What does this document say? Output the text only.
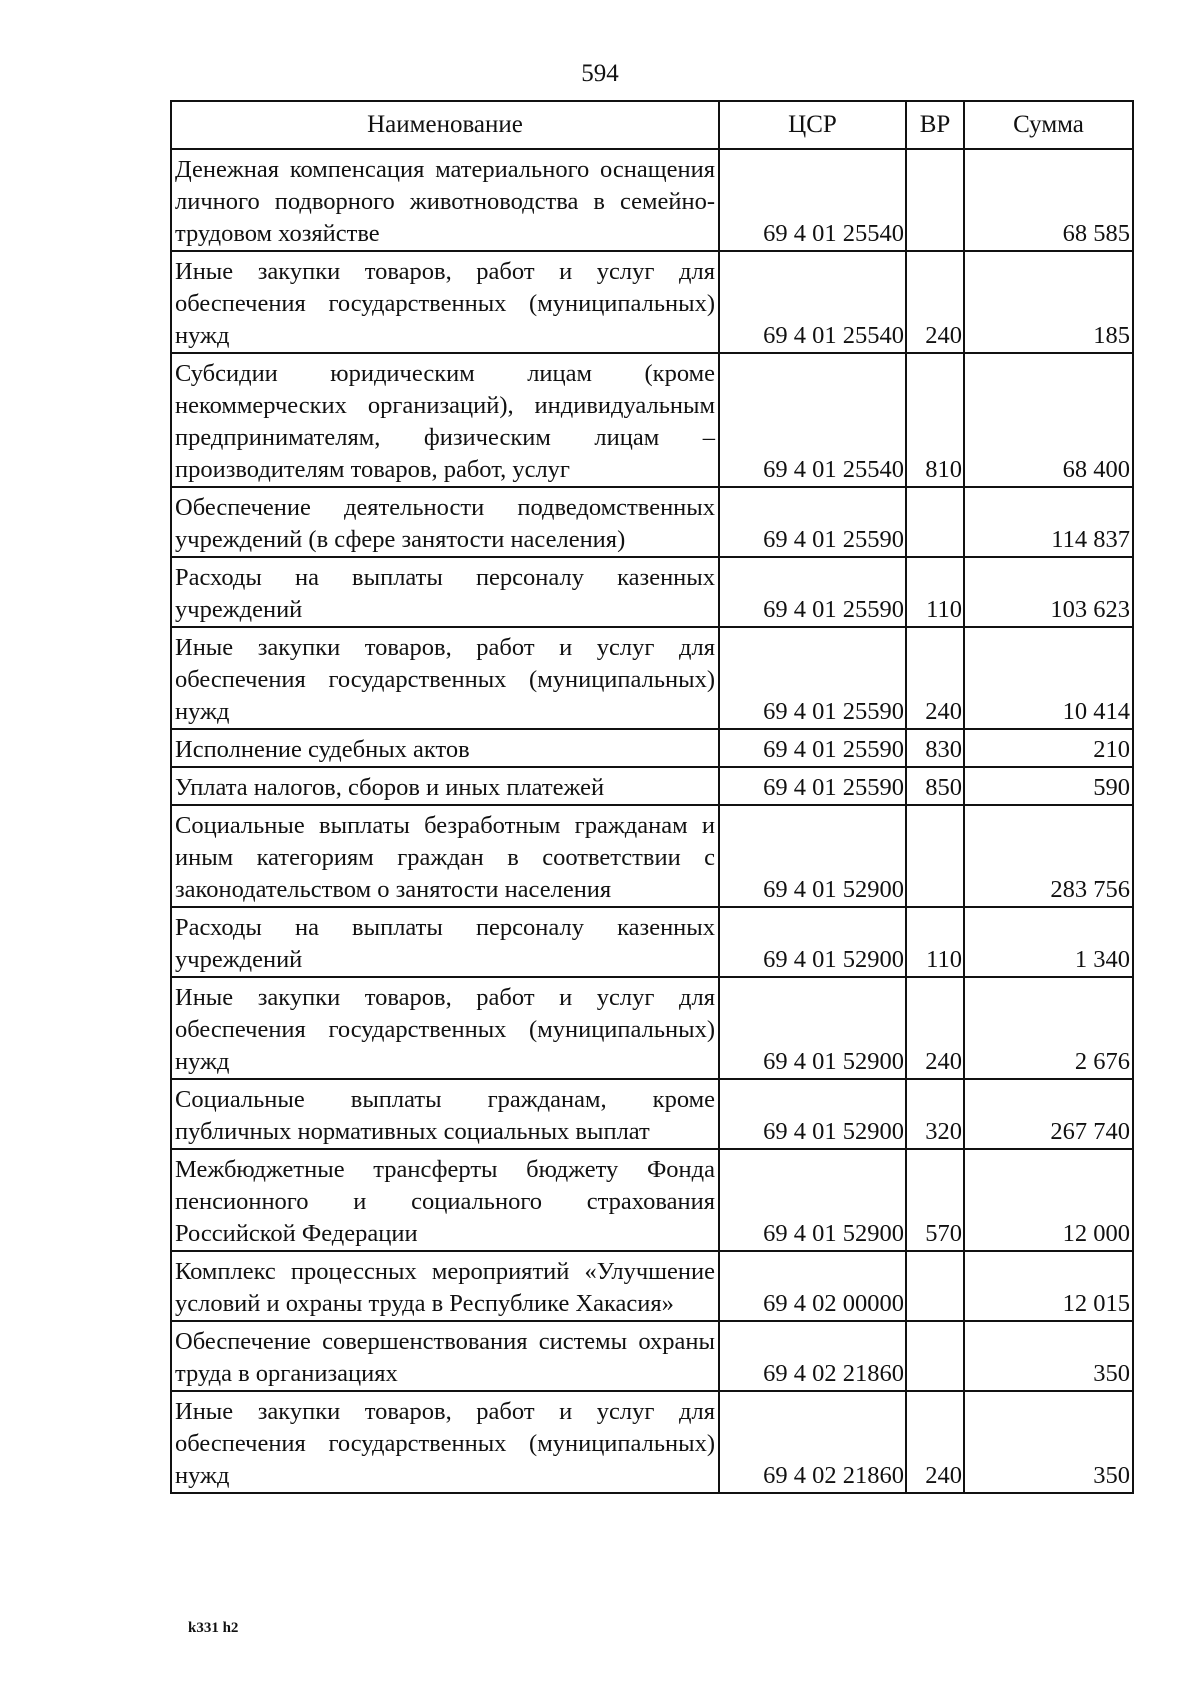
594
Наименование	ЦСР	ВР	Сумма
Денежная компенсация материального оснащения личного подворного животноводства в семейно-трудовом хозяйстве	69 4 01 25540		68 585
Иные закупки товаров, работ и услуг для обеспечения государственных (муниципальных) нужд	69 4 01 25540	240	185
Субсидии юридическим лицам (кроме некоммерческих организаций), индивидуальным предпринимателям, физическим лицам – производителям товаров, работ, услуг	69 4 01 25540	810	68 400
Обеспечение деятельности подведомственных учреждений (в сфере занятости населения)	69 4 01 25590		114 837
Расходы на выплаты персоналу казенных учреждений	69 4 01 25590	110	103 623
Иные закупки товаров, работ и услуг для обеспечения государственных (муниципальных) нужд	69 4 01 25590	240	10 414
Исполнение судебных актов	69 4 01 25590	830	210
Уплата налогов, сборов и иных платежей	69 4 01 25590	850	590
Социальные выплаты безработным гражданам и иным категориям граждан в соответствии с законодательством о занятости населения	69 4 01 52900		283 756
Расходы на выплаты персоналу казенных учреждений	69 4 01 52900	110	1 340
Иные закупки товаров, работ и услуг для обеспечения государственных (муниципальных) нужд	69 4 01 52900	240	2 676
Социальные выплаты гражданам, кроме публичных нормативных социальных выплат	69 4 01 52900	320	267 740
Межбюджетные трансферты бюджету Фонда пенсионного и социального страхования Российской Федерации	69 4 01 52900	570	12 000
Комплекс процессных мероприятий «Улучшение условий и охраны труда в Республике Хакасия»	69 4 02 00000		12 015
Обеспечение совершенствования системы охраны труда в организациях	69 4 02 21860		350
Иные закупки товаров, работ и услуг для обеспечения государственных (муниципальных) нужд	69 4 02 21860	240	350
k331 h2
